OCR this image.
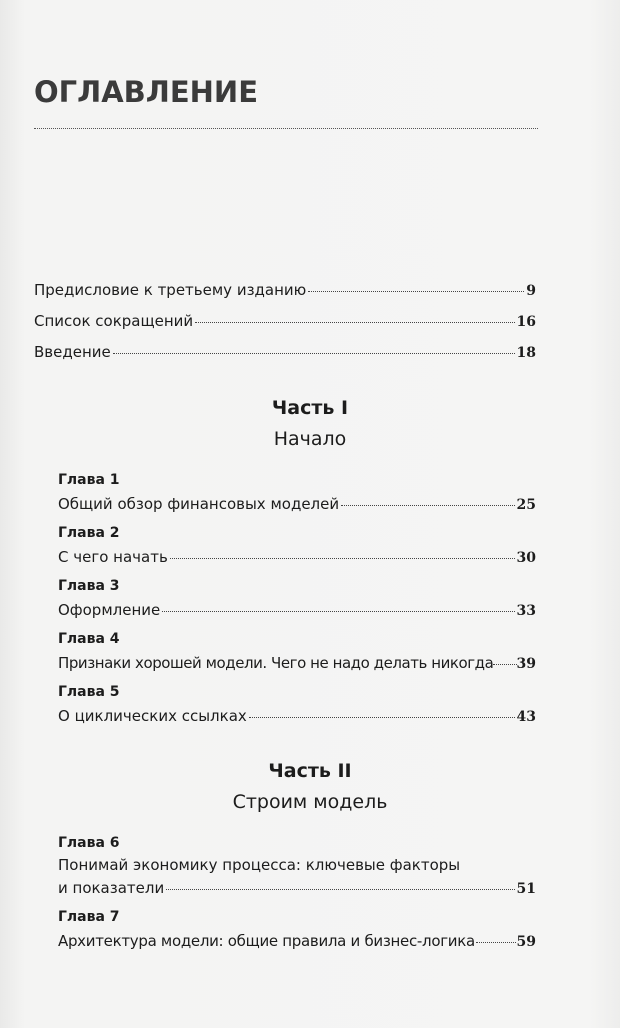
оглавление
Предисловие к третьему изданию	9
Список сокращений	16
Введение	18
Часть I
Начало
Глава 1
Общий обзор финансовых моделей	25
Глава 2
С чего начать	30
Глава 3
Оформление	33
Глава 4
Признаки хорошей модели. Чего не надо делать никогда 39
Глава 5
О циклических ссылках	43
Часть II
Строим модель
Глава 6
Понимай экономику процесса: ключевые факторы
и показатели	51
Глава 7
Архитектура модели: общие правила и бизнес-логика	59
